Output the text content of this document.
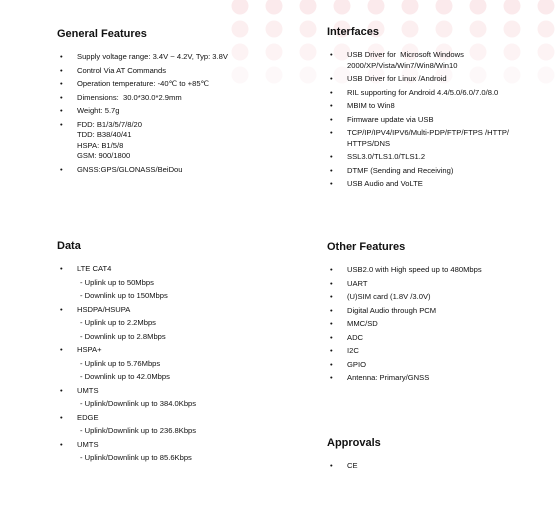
General Features
• Supply voltage range: 3.4V ~ 4.2V, Typ: 3.8V
• Control Via AT Commands
• Operation temperature: -40℃ to +85℃
• Dimensions:  30.0*30.0*2.9mm
• Weight: 5.7g
• FDD: B1/3/5/7/8/20
TDD: B38/40/41
HSPA: B1/5/8
GSM: 900/1800
• GNSS:GPS/GLONASS/BeiDou
Interfaces
• USB Driver for  Microsoft Windows
2000/XP/Vista/Win7/Win8/Win10
• USB Driver for Linux /Android
• RIL supporting for Android 4.4/5.0/6.0/7.0/8.0
• MBIM to Win8
• Firmware update via USB
• TCP/IP/IPV4/IPV6/Multi-PDP/FTP/FTPS /HTTP/
HTTPS/DNS
• SSL3.0/TLS1.0/TLS1.2
• DTMF (Sending and Receiving)
• USB Audio and VoLTE
Data
• LTE CAT4
- Uplink up to 50Mbps
- Downlink up to 150Mbps
• HSDPA/HSUPA
- Uplink up to 2.2Mbps
- Downlink up to 2.8Mbps
• HSPA+
- Uplink up to 5.76Mbps
- Downlink up to 42.0Mbps
• UMTS
- Uplink/Downlink up to 384.0Kbps
• EDGE
- Uplink/Downlink up to 236.8Kbps
• UMTS
- Uplink/Downlink up to 85.6Kbps
Other Features
• USB2.0 with High speed up to 480Mbps
• UART
• (U)SIM card (1.8V /3.0V)
• Digital Audio through PCM
• MMC/SD
• ADC
• I2C
• GPIO
• Antenna: Primary/GNSS
Approvals
• CE
